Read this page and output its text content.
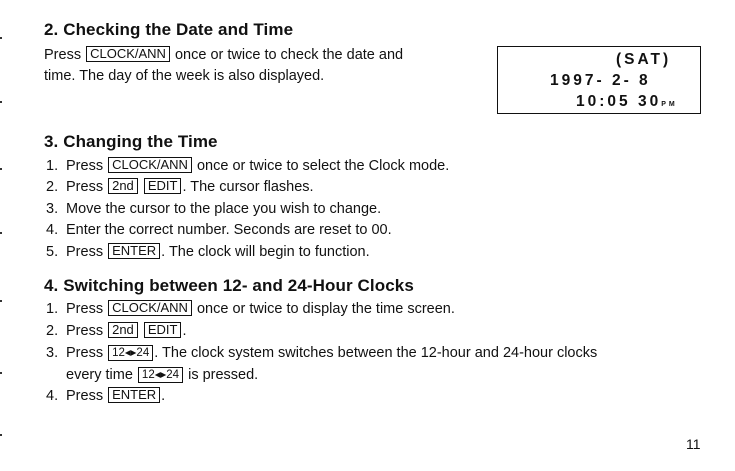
2. Checking the Date and Time
Press CLOCK/ANN once or twice to check the date and
time. The day of the week is also displayed.
(SAT)
1997- 2- 8
10:05 30PM
3. Changing the Time
1. Press CLOCK/ANN once or twice to select the Clock mode.
2. Press 2nd EDIT . The cursor flashes.
3. Move the cursor to the place you wish to change.
4. Enter the correct number. Seconds are reset to 00.
5. Press ENTER . The clock will begin to function.
4. Switching between 12- and 24-Hour Clocks
1. Press CLOCK/ANN once or twice to display the time screen.
2. Press 2nd EDIT .
3. Press 12◂▸24 . The clock system switches between the 12-hour and 24-hour clocks
every time 12◂▸24 is pressed.
4. Press ENTER .
11
